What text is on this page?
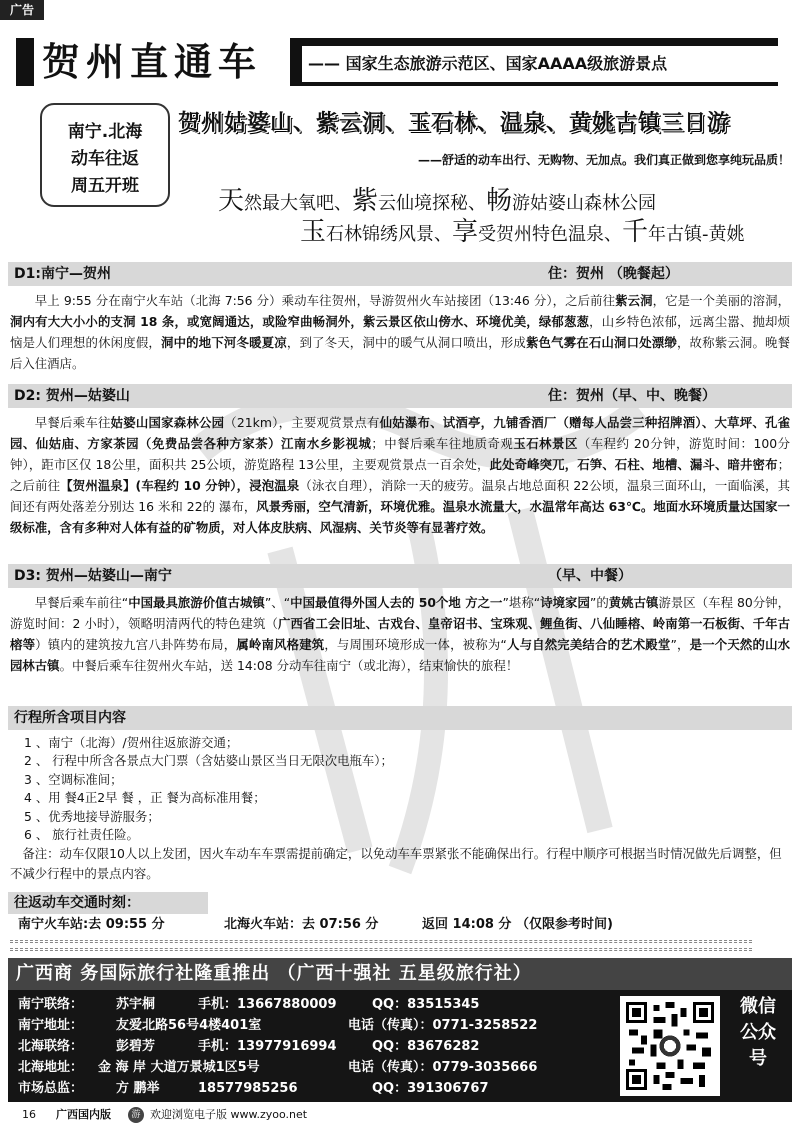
广告
贺州直通车	—— 国家生态旅游示范区、国家AAAA级旅游景点
南宁.北海
动车往返
周五开班
贺州姑婆山、紫云洞、玉石林、温泉、黄姚古镇三日游
——舒适的动车出行、无购物、无加点。我们真正做到您享纯玩品质！
天然最大氧吧、紫云仙境探秘、畅游姑婆山森林公园
玉石林锦绣风景、享受贺州特色温泉、千年古镇-黄姚
D1:南宁—贺州	住：贺州 （晚餐起）
早上 9:55 分在南宁火车站（北海 7:56 分）乘动车往贺州，导游贺州火车站接团（13:46 分），之后前往紫云洞，它是一个美丽的溶洞，洞内有大大小小的支洞 18 条，或宽阔通达，或险窄曲畅洞外，紫云景区依山傍水、环境优美，绿郁葱葱，山乡特色浓郁，远离尘嚣、抛却烦恼是人们理想的休闲度假，洞中的地下河冬暖夏凉，到了冬天，洞中的暖气从洞口喷出，形成紫色气雾在石山洞口处漂缈，故称紫云洞。晚餐后入住酒店。
D2: 贺州—姑婆山	住：贺州（早、中、晚餐）
早餐后乘车往姑婆山国家森林公园（21km），主要观赏景点有仙姑瀑布、试酒亭，九铺香酒厂（赠每人品尝三种招牌酒）、大草坪、孔雀园、仙姑庙、方家茶园（免费品尝各种方家茶）江南水乡影视城；中餐后乘车往地质奇观玉石林景区（车程约 20分钟，游览时间：100分钟），距市区仅 18公里，面积共 25公顷，游览路程 13公里，主要观赏景点一百余处，此处奇峰突兀，石笋、石柱、地槽、漏斗、暗井密布；之后前往【贺州温泉】(车程约 10 分钟），浸泡温泉（泳衣自理），消除一天的疲劳。温泉占地总面积 22公顷，温泉三面环山，一面临溪，其间还有两处落差分别达 16 米和 22的 瀑布，风景秀丽，空气清新，环境优雅。温泉水流量大，水温常年高达 63℃。地面水环境质量达国家一级标准，含有多种对人体有益的矿物质，对人体皮肤病、风湿病、关节炎等有显著疗效。
D3: 贺州—姑婆山—南宁	（早、中餐）
早餐后乘车前往“中国最具旅游价值古城镇”、“中国最值得外国人去的 50个地 方之一”堪称“诗境家园”的黄姚古镇游景区（车程 80分钟，游览时间：2 小时），领略明清两代的特色建筑（广西省工会旧址、古戏台、皇帝诏书、宝珠观、鲤鱼街、八仙睡榕、岭南第一石板街、千年古榕等）镇内的建筑按九宫八卦阵势布局，属岭南风格建筑，与周围环境形成一体，被称为“人与自然完美结合的艺术殿堂”，是一个天然的山水园林古镇。中餐后乘车往贺州火车站，送 14:08 分动车往南宁（或北海），结束愉快的旅程！
行程所含项目内容
1 、南宁（北海）/贺州往返旅游交通；
2 、 行程中所含各景点大门票（含姑婆山景区当日无限次电瓶车）；
3 、空调标准间；
4 、用 餐4正2早 餐 ，正 餐为高标准用餐；
5 、优秀地接导游服务；
6 、 旅行社责任险。
备注：动车仅限10人以上发团，因火车动车车票需提前确定，以免动车车票紧张不能确保出行。行程中顺序可根据当时情况做先后调整，但不减少行程中的景点内容。
往返动车交通时刻：
南宁火车站:去 09:55 分	北海火车站：去 07:56 分	返回 14:08 分 （仅限参考时间)
广西商 务国际旅行社隆重推出 （广西十强社 五星级旅行社）
南宁联络：	苏宇桐	手机：13667880009	QQ：83515345
南宁地址：	友爱北路56号4楼401室	电话（传真）：0771-3258522
北海联络：	彭碧芳	手机：13977916994	QQ：83676282
北海地址： 金 海 岸 大道万景城1区5号	电话（传真）：0779-3035666
市场总监：	方 鹏举	18577985256	QQ：391306767
微信公众号
16 广西国内版	游 欢迎浏览电子版 www.zyoo.net
